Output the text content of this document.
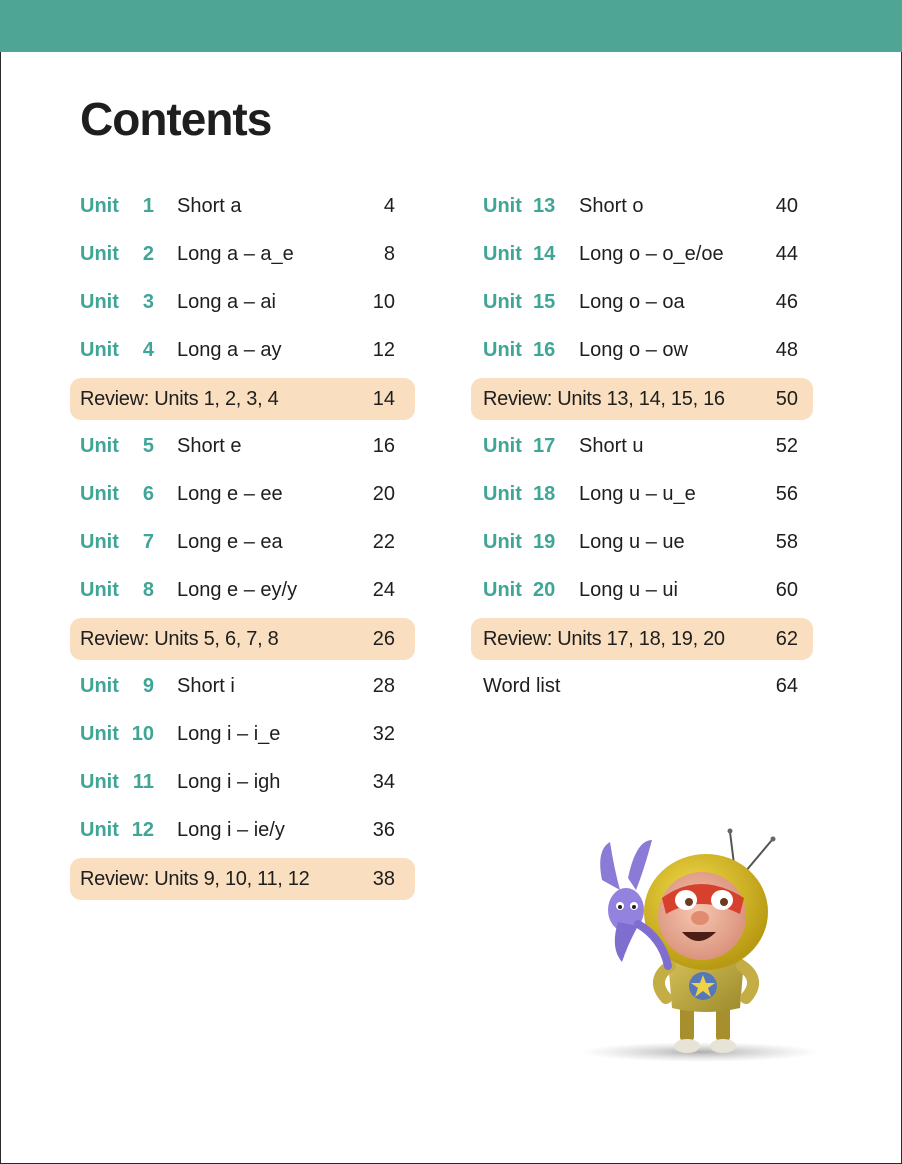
Contents
Unit 1 Short a	4
Unit 2 Long a – a_e	8
Unit 3 Long a – ai	10
Unit 4 Long a – ay	12
Review: Units 1, 2, 3, 4	14
Unit 5 Short e	16
Unit 6 Long e – ee	20
Unit 7 Long e – ea	22
Unit 8 Long e – ey/y	24
Review: Units 5, 6, 7, 8	26
Unit 9 Short i	28
Unit 10 Long i – i_e	32
Unit 11 Long i – igh	34
Unit 12 Long i – ie/y	36
Review: Units 9, 10, 11, 12	38
Unit 13 Short o	40
Unit 14 Long o – o_e/oe	44
Unit 15 Long o – oa	46
Unit 16 Long o – ow	48
Review: Units 13, 14, 15, 16	50
Unit 17 Short u	52
Unit 18 Long u – u_e	56
Unit 19 Long u – ue	58
Unit 20 Long u – ui	60
Review: Units 17, 18, 19, 20	62
Word list	64
